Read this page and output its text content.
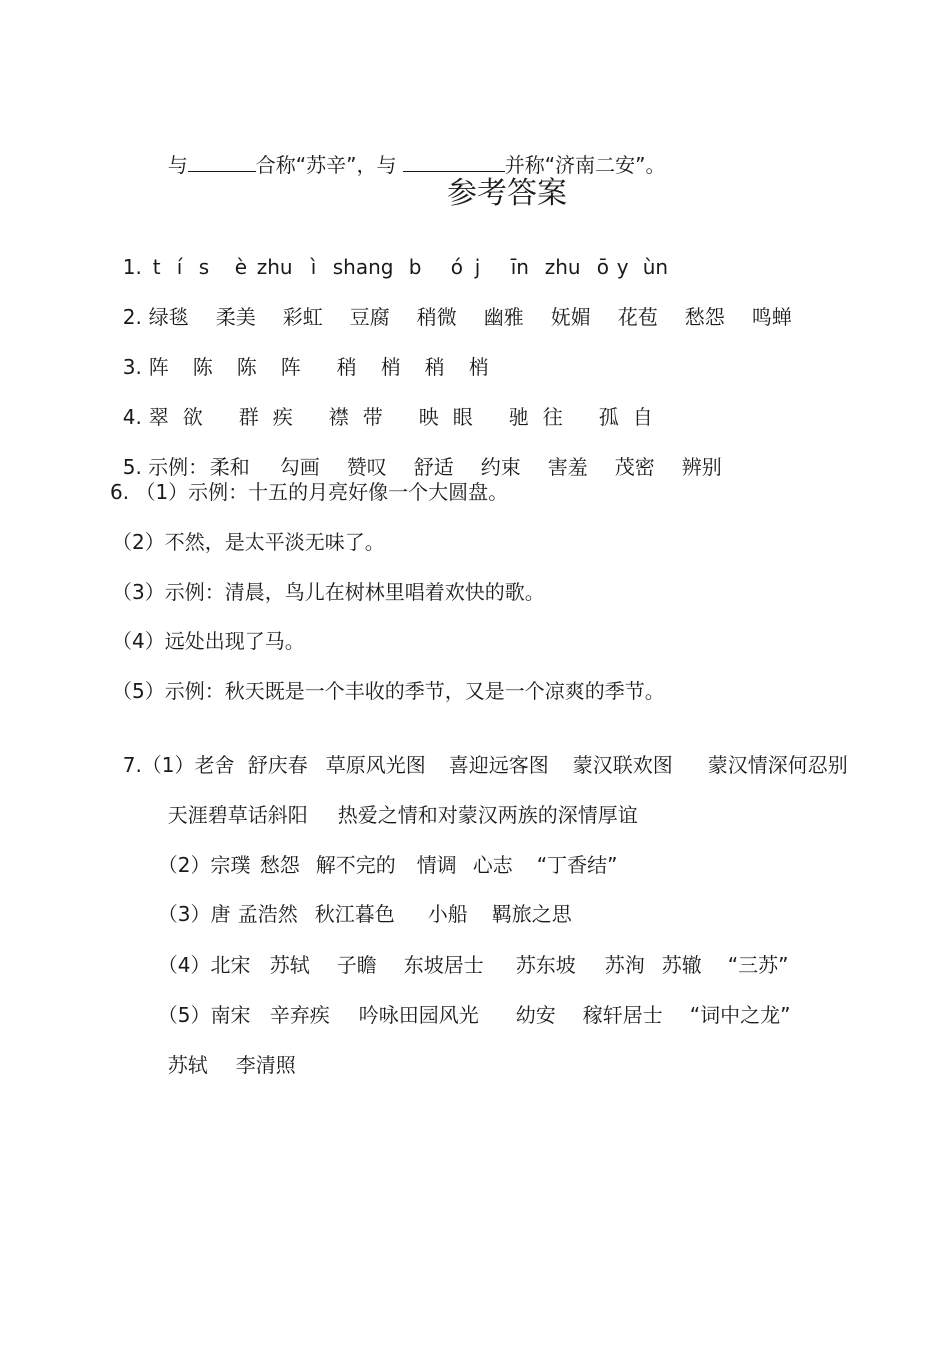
与	合称“苏辛”，与	并称“济南二安”。

参考答案

1. t í s è zhu ì shang b ó j īn zhu ō y ùn

2. 绿毯 柔美 彩虹 豆腐 稍微 幽雅 妩媚 花苞 愁怨 鸣蝉

3. 阵 陈 陈 阵 稍 梢 稍 梢

4. 翠 欲 群 疾 襟 带 映 眼 驰 往 孤 自

5. 示例：柔和 勾画 赞叹 舒适 约束 害羞 茂密 辨别

6. （1）示例：十五的月亮好像一个大圆盘。
（2）不然，是太平淡无味了。
（3）示例：清晨，鸟儿在树林里唱着欢快的歌。
（4）远处出现了马。
（5）示例：秋天既是一个丰收的季节，又是一个凉爽的季节。

7.（1）老舍 舒庆春 草原风光图 喜迎远客图 蒙汉联欢图 蒙汉情深何忍别

天涯碧草话斜阳 热爱之情和对蒙汉两族的深情厚谊

（2）宗璞 愁怨 解不完的 情调 心志 “丁香结”

（3）唐 孟浩然 秋江暮色 小船 羁旅之思

（4）北宋 苏轼 子瞻 东坡居士 苏东坡 苏洵 苏辙 “三苏”

（5）南宋 辛弃疾 吟咏田园风光 幼安 稼轩居士 “词中之龙”

苏轼 李清照
